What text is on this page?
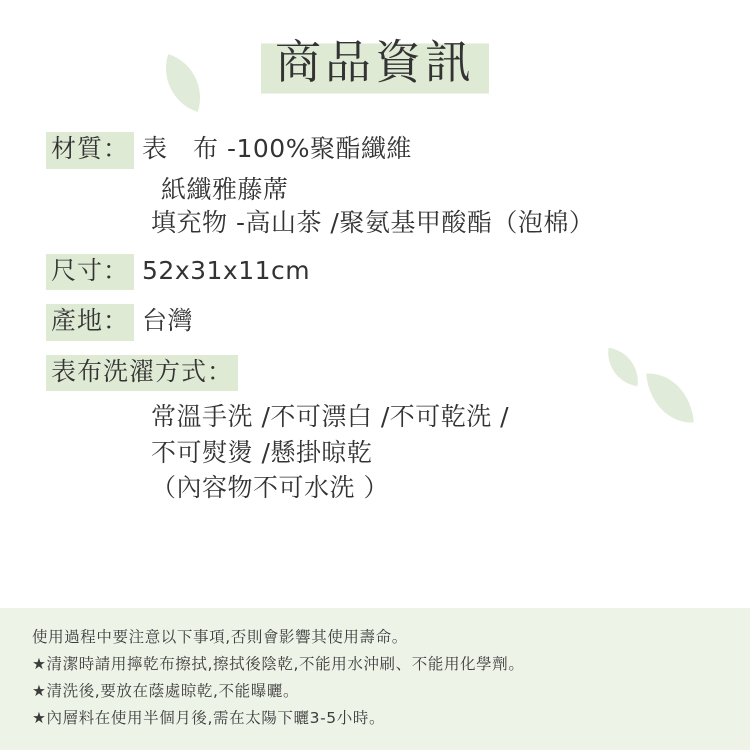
商品資訊
材質： 表　布 -100%聚酯纖維
紙纖雅藤蓆
填充物 -高山茶 /聚氨基甲酸酯（泡棉）
尺寸： 52x31x11cm
產地： 台灣
表布洗濯方式：
常溫手洗 /不可漂白 /不可乾洗 /
不可熨燙 /懸掛晾乾
（內容物不可水洗 ）
使用過程中要注意以下事項,否則會影響其使用壽命。
★清潔時請用擰乾布擦拭,擦拭後陰乾,不能用水沖刷、不能用化學劑。
★清洗後,要放在蔭處晾乾,不能曝曬。
★內層料在使用半個月後,需在太陽下曬3-5小時。
